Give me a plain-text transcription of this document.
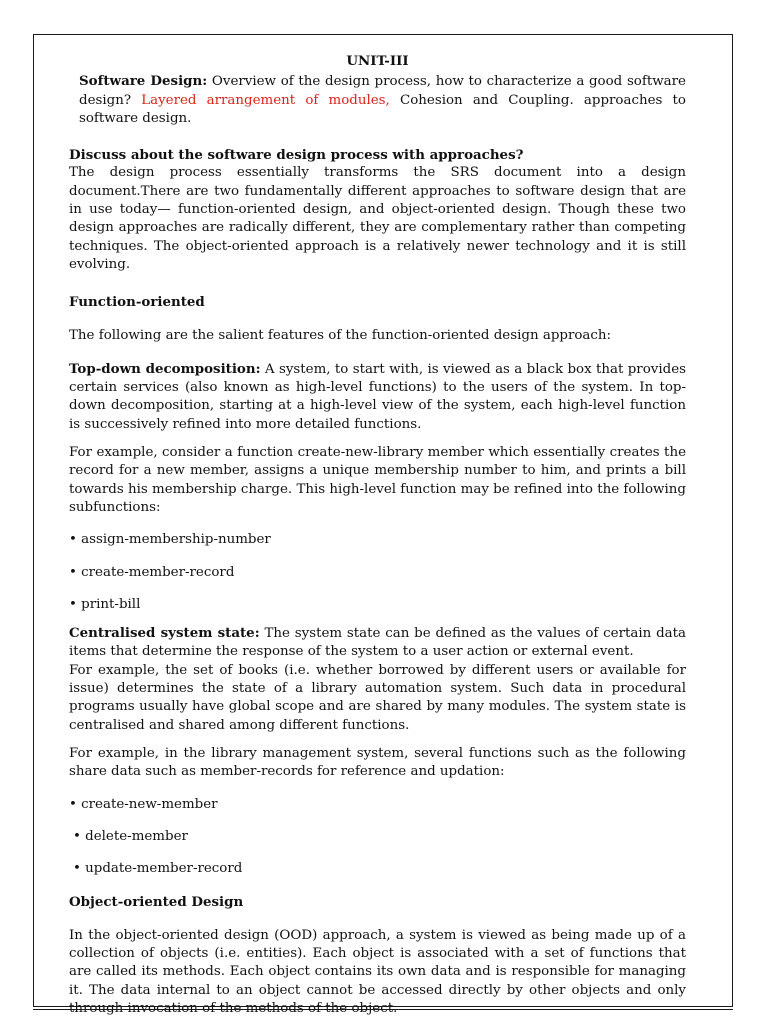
UNIT-III

Software Design: Overview of the design process, how to characterize a good software design? Layered arrangement of modules, Cohesion and Coupling. approaches to software design.

Discuss about the software design process with approaches?

The design process essentially transforms the SRS document into a design document.There are two fundamentally different approaches to software design that are in use today— function-oriented design, and object-oriented design. Though these two design approaches are radically different, they are complementary rather than competing techniques. The object-oriented approach is a relatively newer technology and it is still evolving.

Function-oriented

The following are the salient features of the function-oriented design approach:

Top-down decomposition: A system, to start with, is viewed as a black box that provides certain services (also known as high-level functions) to the users of the system. In top- down decomposition, starting at a high-level view of the system, each high-level function is successively refined into more detailed functions.

For example, consider a function create-new-library member which essentially creates the record for a new member, assigns a unique membership number to him, and prints a bill towards his membership charge. This high-level function may be refined into the following subfunctions:

• assign-membership-number
• create-member-record
• print-bill

Centralised system state: The system state can be defined as the values of certain data items that determine the response of the system to a user action or external event.

For example, the set of books (i.e. whether borrowed by different users or available for issue) determines the state of a library automation system. Such data in procedural programs usually have global scope and are shared by many modules. The system state is centralised and shared among different functions.

For example, in the library management system, several functions such as the following share data such as member-records for reference and updation:

• create-new-member
• delete-member
• update-member-record
Object-oriented Design

In the object-oriented design (OOD) approach, a system is viewed as being made up of a collection of objects (i.e. entities). Each object is associated with a set of functions that are called its methods. Each object contains its own data and is responsible for managing it. The data internal to an object cannot be accessed directly by other objects and only through invocation of the methods of the object.
